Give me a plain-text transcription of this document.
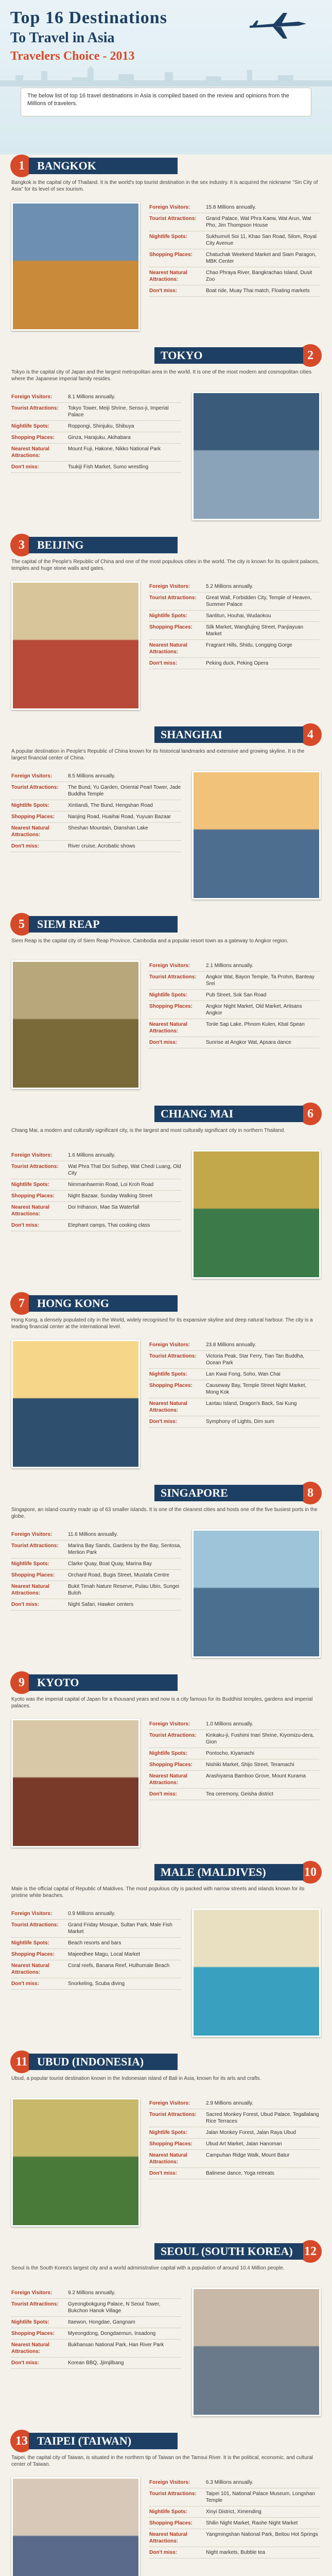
Top 16 Destinations
To Travel in Asia
Travelers Choice - 2013
The below list of top 16 travel destinations in Asia is compiled based on the review and opinions from the Millions of travelers.
1	BANGKOK
Bangkok is the capital city of Thailand. It is the world's top tourist destination in the sex industry. It is acquired the nickname "Sin City of Asia" for its level of sex tourism.
Foreign Visitors:	15.8 Millions annually.
Tourist Attractions:	Grand Palace, Wat Phra Kaew, Wat Arun, Wat Pho, Jim Thompson House
Nightlife Spots:	Sukhumvit Soi 11, Khao San Road, Silom, Royal City Avenue
Shopping Places:	Chatuchak Weekend Market and Siam Paragon, MBK Center
Nearest Natural Attractions:
Chao Phraya River, Bangkrachao Island, Dusit Zoo
Don't miss:	Boat ride, Muay Thai match, Floating markets
2
TOKYO
Tokyo is the capital city of Japan and the largest metropolitan area in the world. It is one of the most modern and cosmopolitan cities where the Japanese imperial family resides.
Foreign Visitors:	8.1 Millions annually.
Tourist Attractions:	Tokyo Tower, Meiji Shrine, Senso-ji, Imperial Palace
Nightlife Spots:	Roppongi, Shinjuku, Shibuya
Shopping Places:	Ginza, Harajuku, Akihabara
Nearest Natural Attractions:
Mount Fuji, Hakone, Nikko National Park
Don't miss:	Tsukiji Fish Market, Sumo wrestling
3	BEIJING
The capital of the People's Republic of China and one of the most populous cities in the world. The city is known for its opulent palaces, temples and huge stone walls and gates.
Foreign Visitors:	5.2 Millions annually.
Tourist Attractions:	Great Wall, Forbidden City, Temple of Heaven, Summer Palace
Nightlife Spots:	Sanlitun, Houhai, Wudaokou
Shopping Places:	Silk Market, Wangfujing Street, Panjiayuan Market
Nearest Natural Attractions:
Fragrant Hills, Shidu, Longqing Gorge
Don't miss:	Peking duck, Peking Opera
4
SHANGHAI
A popular destination in People's Republic of China known for its historical landmarks and extensive and growing skyline. It is the largest financial center of China.
Foreign Visitors:	8.5 Millions annually.
Tourist Attractions:	The Bund, Yu Garden, Oriental Pearl Tower, Jade Buddha Temple
Nightlife Spots:	Xintiandi, The Bund, Hengshan Road
Shopping Places:	Nanjing Road, Huaihai Road, Yuyuan Bazaar
Nearest Natural Attractions:
Sheshan Mountain, Dianshan Lake
Don't miss:	River cruise, Acrobatic shows
5	SIEM REAP
Siem Reap is the capital city of Siem Reap Province, Cambodia and a popular resort town as a gateway to Angkor region.
Foreign Visitors:	2.1 Millions annually.
Tourist Attractions:	Angkor Wat, Bayon Temple, Ta Prohm, Banteay Srei
Nightlife Spots:	Pub Street, Sok San Road
Shopping Places:	Angkor Night Market, Old Market, Artisans Angkor
Nearest Natural Attractions:
Tonle Sap Lake, Phnom Kulen, Kbal Spean
Don't miss:	Sunrise at Angkor Wat, Apsara dance
6
CHIANG MAI
Chiang Mai, a modern and culturally significant city, is the largest and most culturally significant city in northern Thailand.
Foreign Visitors:	1.6 Millions annually.
Tourist Attractions:	Wat Phra That Doi Suthep, Wat Chedi Luang, Old City
Nightlife Spots:	Nimmanhaemin Road, Loi Kroh Road
Shopping Places:	Night Bazaar, Sunday Walking Street
Nearest Natural Attractions:
Doi Inthanon, Mae Sa Waterfall
Don't miss:	Elephant camps, Thai cooking class
7	HONG KONG
Hong Kong, a densely populated city in the World, widely recognised for its expansive skyline and deep natural harbour. The city is a leading financial center at the international level.
Foreign Visitors:	23.8 Millions annually.
Tourist Attractions:	Victoria Peak, Star Ferry, Tian Tan Buddha, Ocean Park
Nightlife Spots:	Lan Kwai Fong, Soho, Wan Chai
Shopping Places:	Causeway Bay, Temple Street Night Market, Mong Kok
Nearest Natural Attractions:
Lantau Island, Dragon's Back, Sai Kung
Don't miss:	Symphony of Lights, Dim sum
8
SINGAPORE
Singapore, an island country made up of 63 smaller islands. It is one of the cleanest cities and hosts one of the five busiest ports in the globe.
Foreign Visitors:	11.6 Millions annually.
Tourist Attractions:	Marina Bay Sands, Gardens by the Bay, Sentosa, Merlion Park
Nightlife Spots:	Clarke Quay, Boat Quay, Marina Bay
Shopping Places:	Orchard Road, Bugis Street, Mustafa Centre
Nearest Natural Attractions:
Bukit Timah Nature Reserve, Pulau Ubin, Sungei Buloh
Don't miss:	Night Safari, Hawker centers
9	KYOTO
Kyoto was the imperial capital of Japan for a thousand years and now is a city famous for its Buddhist temples, gardens and imperial palaces.
Foreign Visitors:	1.0 Millions annually.
Tourist Attractions:	Kinkaku-ji, Fushimi Inari Shrine, Kiyomizu-dera, Gion
Nightlife Spots:	Pontocho, Kiyamachi
Shopping Places:	Nishiki Market, Shijo Street, Teramachi
Nearest Natural Attractions:
Arashiyama Bamboo Grove, Mount Kurama
Don't miss:	Tea ceremony, Geisha district
10
MALE (MALDIVES)
Male is the official capital of Republic of Maldives. The most populous city is packed with narrow streets and islands known for its pristine white beaches.
Foreign Visitors:	0.9 Millions annually.
Tourist Attractions:	Grand Friday Mosque, Sultan Park, Male Fish Market
Nightlife Spots:	Beach resorts and bars
Shopping Places:	Majeedhee Magu, Local Market
Nearest Natural Attractions:
Coral reefs, Banana Reef, Hulhumale Beach
Don't miss:	Snorkeling, Scuba diving
11 UBUD (INDONESIA)
Ubud, a popular tourist destination known in the Indonesian island of Bali in Asia, known for its arts and crafts.
Foreign Visitors:	2.9 Millions annually.
Tourist Attractions:	Sacred Monkey Forest, Ubud Palace, Tegallalang Rice Terraces
Nightlife Spots:	Jalan Monkey Forest, Jalan Raya Ubud
Shopping Places:	Ubud Art Market, Jalan Hanoman
Nearest Natural Attractions:
Campuhan Ridge Walk, Mount Batur
Don't miss:	Balinese dance, Yoga retreats
12
SEOUL (SOUTH KOREA)
Seoul is the South Korea's largest city and a world administrative capital with a population of around 10.4 Million people.
Foreign Visitors:	9.2 Millions annually.
Tourist Attractions:	Gyeongbokgung Palace, N Seoul Tower, Bukchon Hanok Village
Nightlife Spots:	Itaewon, Hongdae, Gangnam
Shopping Places:	Myeongdong, Dongdaemun, Insadong
Nearest Natural Attractions:
Bukhansan National Park, Han River Park
Don't miss:	Korean BBQ, Jjimjilbang
13 TAIPEI (TAIWAN)
Taipei, the capital city of Taiwan, is situated in the northern tip of Taiwan on the Tamsui River. It is the political, economic, and cultural center of Taiwan.
Foreign Visitors:	6.3 Millions annually.
Tourist Attractions:	Taipei 101, National Palace Museum, Longshan Temple
Nightlife Spots:	Xinyi District, Ximending
Shopping Places:	Shilin Night Market, Raohe Night Market
Nearest Natural Attractions:
Yangmingshan National Park, Beitou Hot Springs
Don't miss:	Night markets, Bubble tea
